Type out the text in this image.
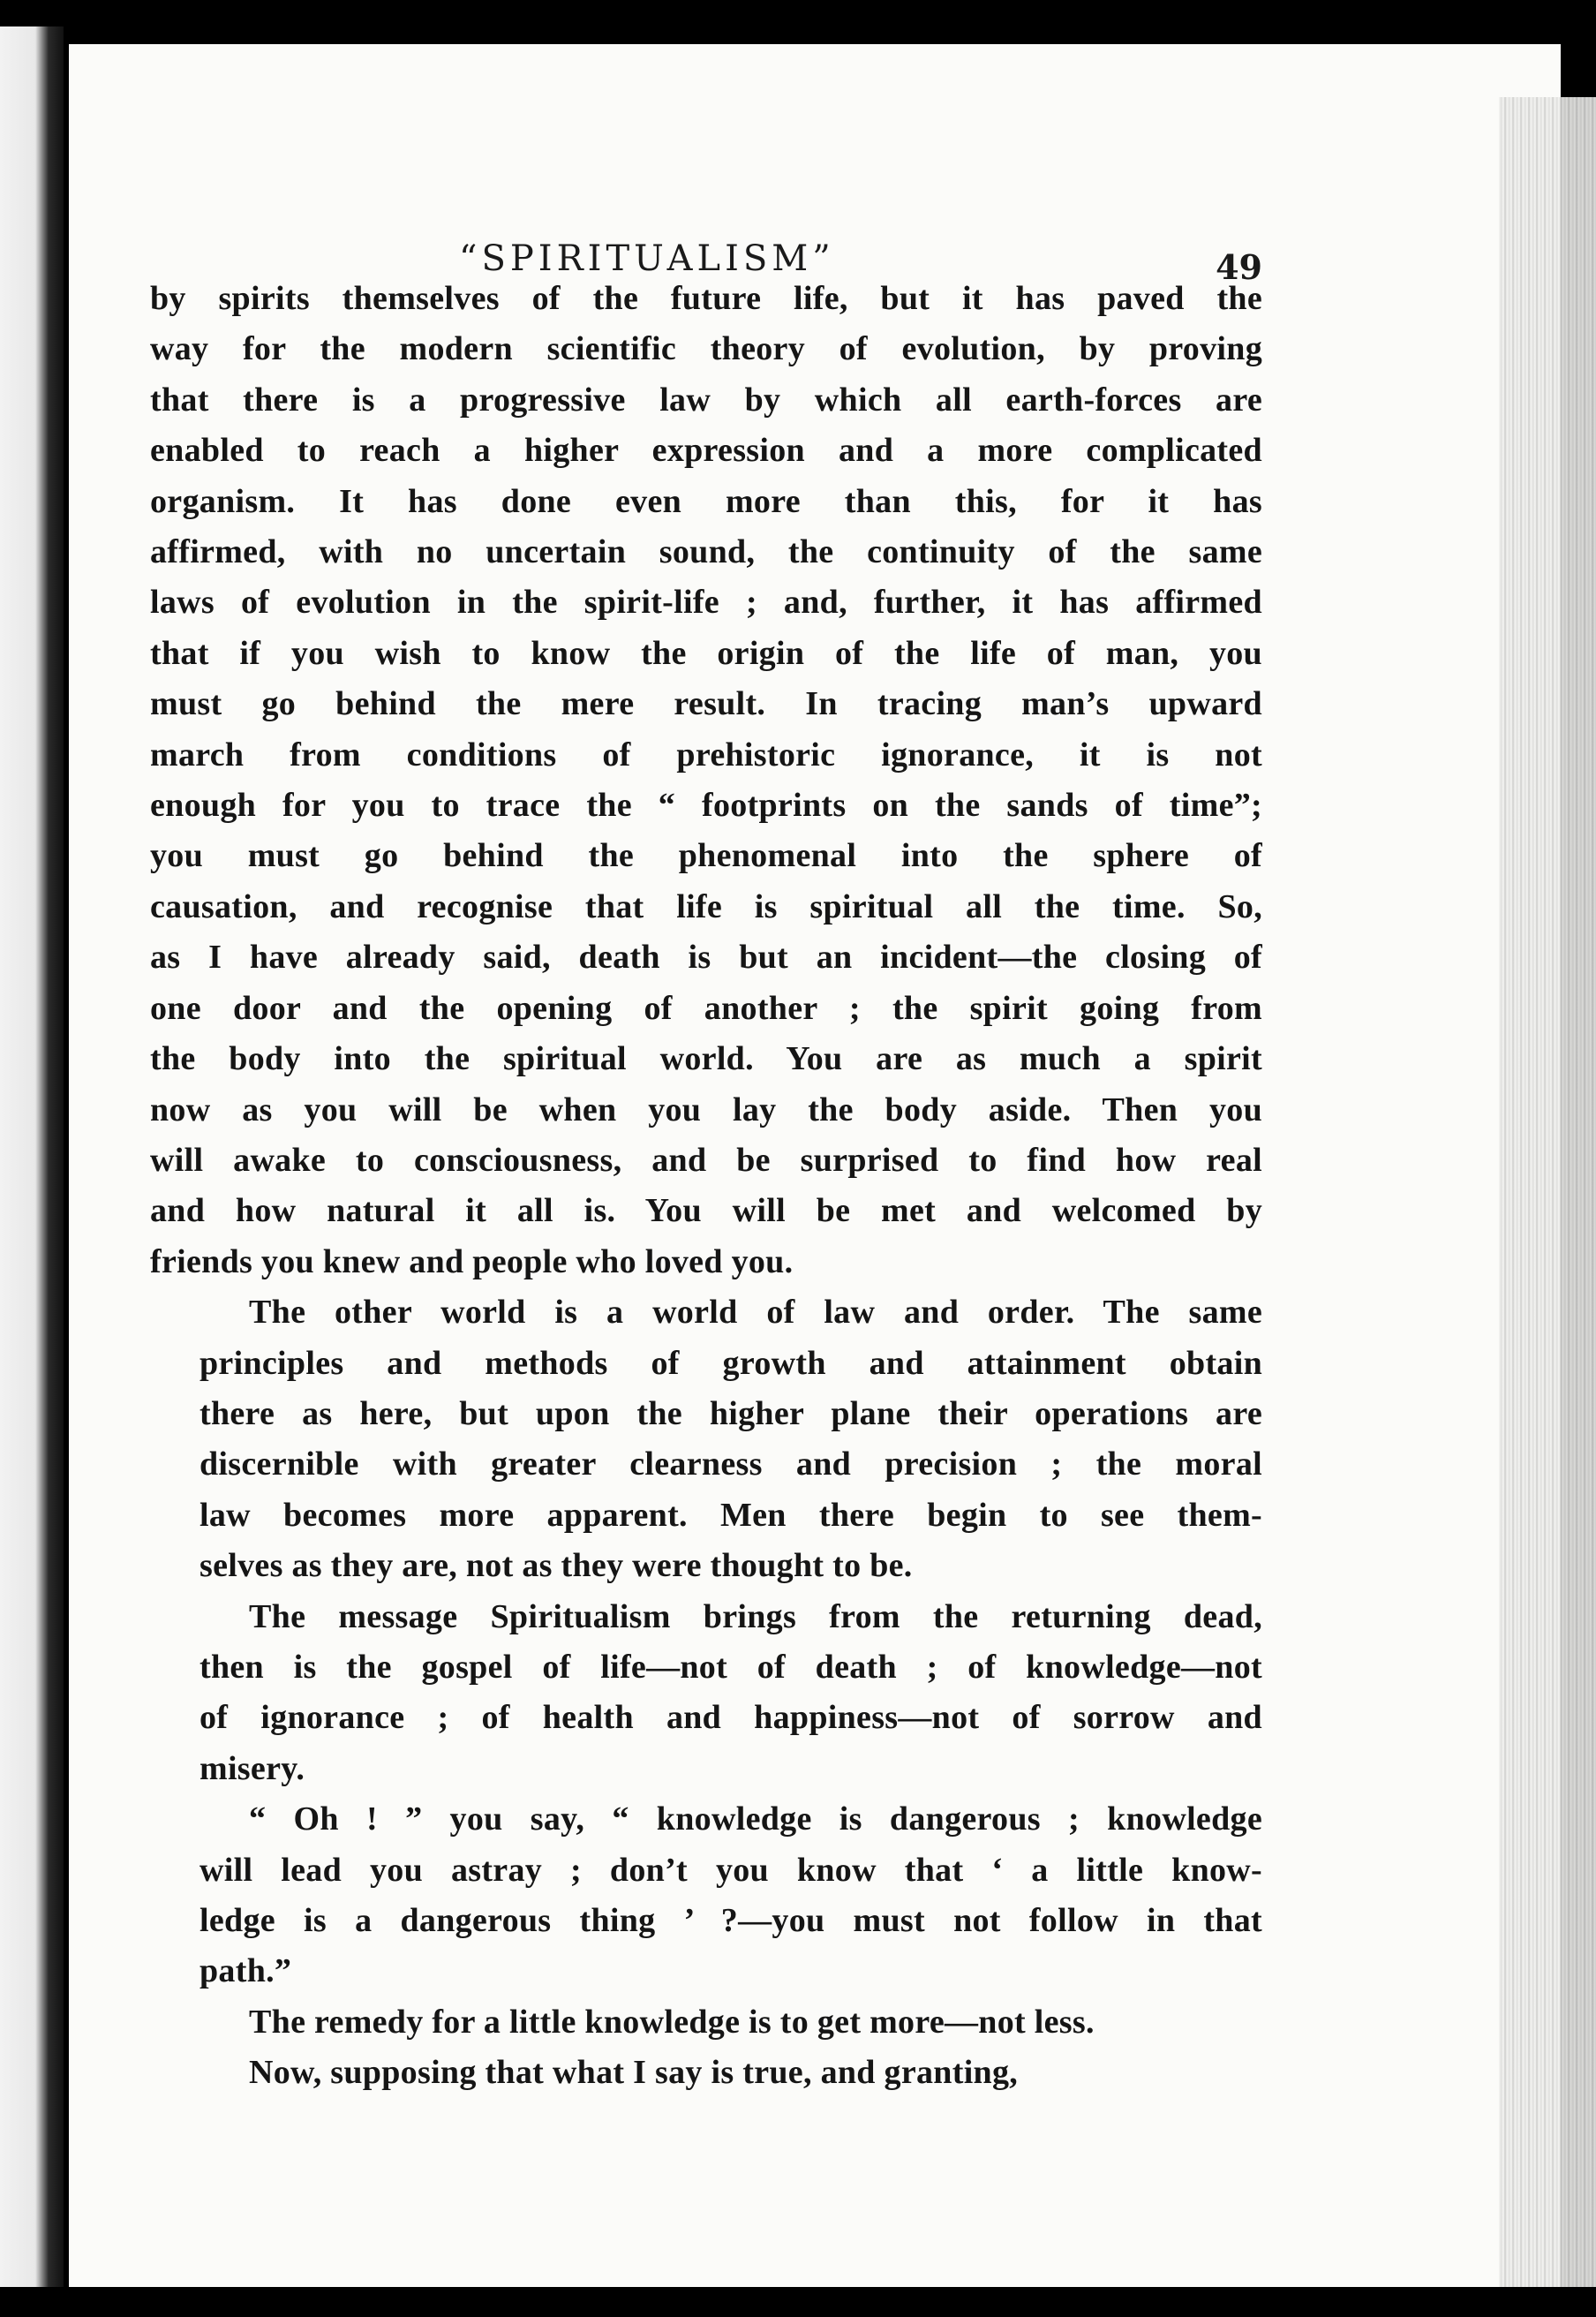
“SPIRITUALISM”	49

by spirits themselves of the future life, but it has paved the
way for the modern scientific theory of evolution, by proving
that there is a progressive law by which all earth-forces are
enabled to reach a higher expression and a more complicated
organism. It has done even more than this, for it has
affirmed, with no uncertain sound, the continuity of the same
laws of evolution in the spirit-life ; and, further, it has affirmed
that if you wish to know the origin of the life of man, you
must go behind the mere result. In tracing man’s upward
march from conditions of prehistoric ignorance, it is not
enough for you to trace the “ footprints on the sands of time”;
you must go behind the phenomenal into the sphere of
causation, and recognise that life is spiritual all the time. So,
as I have already said, death is but an incident—the closing of
one door and the opening of another ; the spirit going from
the body into the spiritual world. You are as much a spirit
now as you will be when you lay the body aside. Then you
will awake to consciousness, and be surprised to find how real
and how natural it all is. You will be met and welcomed by
friends you knew and people who loved you.

The other world is a world of law and order. The same
principles and methods of growth and attainment obtain
there as here, but upon the higher plane their operations are
discernible with greater clearness and precision ; the moral
law becomes more apparent. Men there begin to see them-
selves as they are, not as they were thought to be.

The message Spiritualism brings from the returning dead,
then is the gospel of life—not of death ; of knowledge—not
of ignorance ; of health and happiness—not of sorrow and
misery.

“ Oh ! ” you say, “ knowledge is dangerous ; knowledge
will lead you astray ; don’t you know that ‘ a little know-
ledge is a dangerous thing ’ ?—you must not follow in that
path.”

The remedy for a little knowledge is to get more—not less.

Now, supposing that what I say is true, and granting,
